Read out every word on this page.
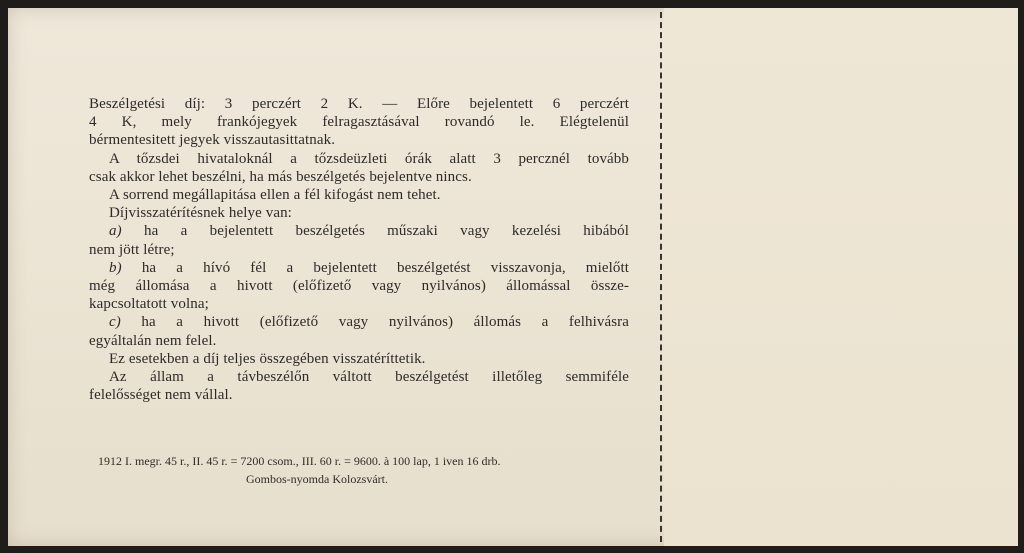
Beszélgetési díj: 3 perczért 2 K. — Előre bejelentett 6 perczért
4 K, mely frankójegyek felragasztásával rovandó le. Elégtelenül
bérmentesitett jegyek visszautasittatnak.
A tőzsdei hivataloknál a tőzsdeüzleti órák alatt 3 percznél tovább
csak akkor lehet beszélni, ha más beszélgetés bejelentve nincs.
A sorrend megállapitása ellen a fél kifogást nem tehet.
Díjvisszatérítésnek helye van:
a) ha a bejelentett beszélgetés műszaki vagy kezelési hibából
nem jött létre;
b) ha a hívó fél a bejelentett beszélgetést visszavonja, mielőtt
még állomása a hivott (előfizető vagy nyilvános) állomással össze-
kapcsoltatott volna;
c) ha a hivott (előfizető vagy nyilvános) állomás a felhivásra
egyáltalán nem felel.
Ez esetekben a díj teljes összegében visszatéríttetik.
Az állam a távbeszélőn váltott beszélgetést illetőleg semmiféle
felelősséget nem vállal.
1912 I. megr. 45 r., II. 45 r. = 7200 csom., III. 60 r. = 9600. à 100 lap, 1 iven 16 drb.
Gombos-nyomda Kolozsvárt.
